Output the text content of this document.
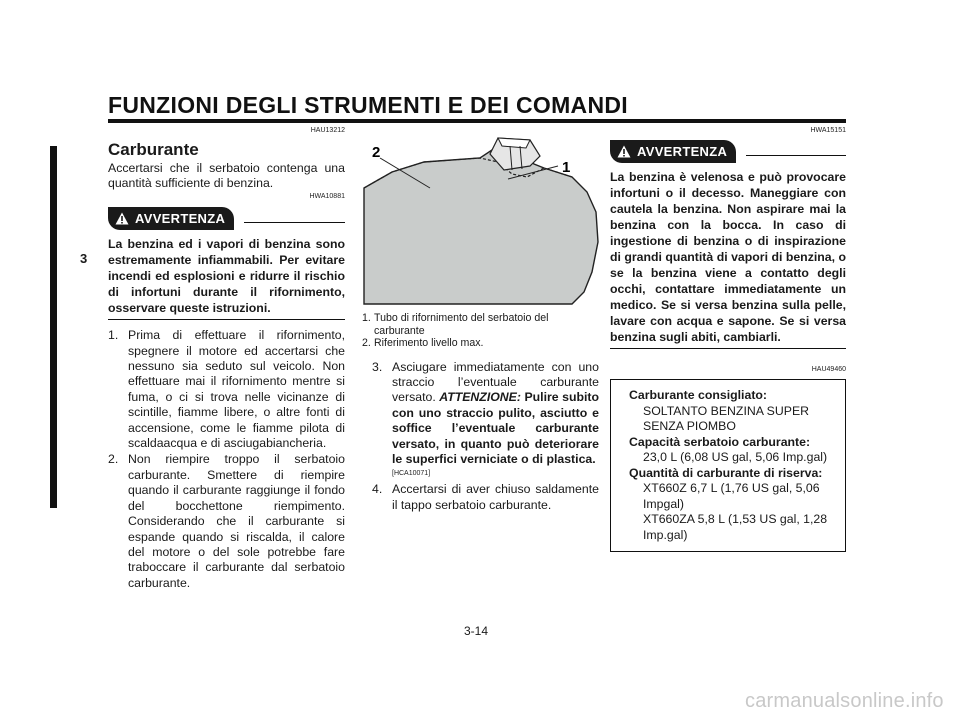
FUNZIONI DEGLI STRUMENTI E DEI COMANDI
3

HAU13212

Carburante

Accertarsi che il serbatoio contenga una quantità sufficiente di benzina.

HWA10881

AVVERTENZA

La benzina ed i vapori di benzina sono estremamente infiammabili. Per evitare incendi ed esplosioni e ridurre il rischio di infortuni durante il rifornimento, osservare queste istruzioni.

1. Prima di effettuare il rifornimento, spegnere il motore ed accertarsi che nessuno sia seduto sul veicolo. Non effettuare mai il rifornimento mentre si fuma, o ci si trova nelle vicinanze di scintille, fiamme libere, o altre fonti di accensione, come le fiamme pilota di scaldaacqua e di asciugabiancheria.
2. Non riempire troppo il serbatoio carburante. Smettere di riempire quando il carburante raggiunge il fondo del bocchettone riempimento. Considerando che il carburante si espande quando si riscalda, il calore del motore o del sole potrebbe fare traboccare il carburante dal serbatoio carburante.
2
1
1. Tubo di rifornimento del serbatoio del carburante
2. Riferimento livello max.
3. Asciugare immediatamente con uno straccio l’eventuale carburante versato. ATTENZIONE: Pulire subito con uno straccio pulito, asciutto e soffice l’eventuale carburante versato, in quanto può deteriorare le superfici verniciate o di plastica.

[HCA10071]

4. Accertarsi di aver chiuso saldamente il tappo serbatoio carburante.

HWA15151

AVVERTENZA

La benzina è velenosa e può provocare infortuni o il decesso. Maneggiare con cautela la benzina. Non aspirare mai la benzina con la bocca. In caso di ingestione di benzina o di inspirazione di grandi quantità di vapori di benzina, o se la benzina viene a contatto degli occhi, contattare immediatamente un medico. Se si versa benzina sulla pelle, lavare con acqua e sapone. Se si versa benzina sugli abiti, cambiarli.

HAU49460

Carburante consigliato:
SOLTANTO BENZINA SUPER SENZA PIOMBO
Capacità serbatoio carburante:
23,0 L (6,08 US gal, 5,06 Imp.gal)
Quantità di carburante di riserva:
XT660Z 6,7 L (1,76 US gal, 5,06 Impgal)
XT660ZA 5,8 L (1,53 US gal, 1,28 Imp.gal)
3-14
carmanualsonline.info
